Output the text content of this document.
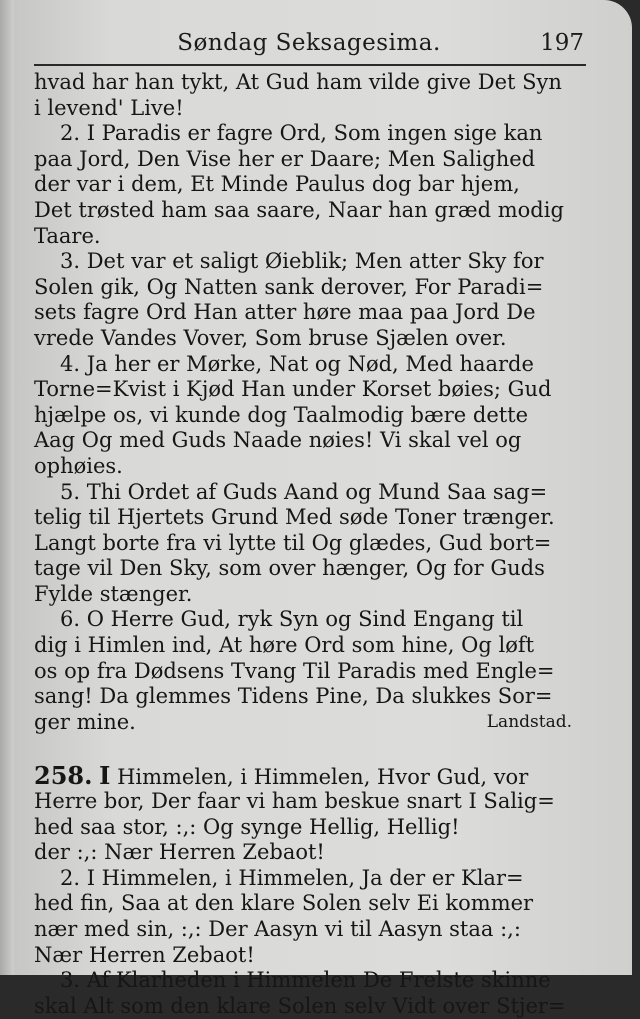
Søndag Seksagesima.	197
hvad har han tykt, At Gud ham vilde give Det Syn
i levend' Live!
2. I Paradis er fagre Ord, Som ingen sige kan
paa Jord, Den Vise her er Daare; Men Salighed
der var i dem, Et Minde Paulus dog bar hjem,
Det trøsted ham saa saare, Naar han græd modig
Taare.
3. Det var et saligt Øieblik; Men atter Sky for
Solen gik, Og Natten sank derover, For Paradi=
sets fagre Ord Han atter høre maa paa Jord De
vrede Vandes Vover, Som bruse Sjælen over.
4. Ja her er Mørke, Nat og Nød, Med haarde
Torne=Kvist i Kjød Han under Korset bøies; Gud
hjælpe os, vi kunde dog Taalmodig bære dette
Aag Og med Guds Naade nøies! Vi skal vel og
ophøies.
5. Thi Ordet af Guds Aand og Mund Saa sag=
telig til Hjertets Grund Med søde Toner trænger.
Langt borte fra vi lytte til Og glædes, Gud bort=
tage vil Den Sky, som over hænger, Og for Guds
Fylde stænger.
6. O Herre Gud, ryk Syn og Sind Engang til
dig i Himlen ind, At høre Ord som hine, Og løft
os op fra Dødsens Tvang Til Paradis med Engle=
sang! Da glemmes Tidens Pine, Da slukkes Sor=
ger mine.	Landstad.
258. I Himmelen, i Himmelen, Hvor Gud, vor
Herre bor, Der faar vi ham beskue snart I Salig=
hed saa stor, :,: Og synge Hellig, Hellig!
der :,: Nær Herren Zebaot!
2. I Himmelen, i Himmelen, Ja der er Klar=
hed fin, Saa at den klare Solen selv Ei kommer
nær med sin, :,: Der Aasyn vi til Aasyn staa :,:
Nær Herren Zebaot!
3. Af Klarheden i Himmelen De Frelste skinne
skal Alt som den klare Solen selv Vidt over Stjer=
